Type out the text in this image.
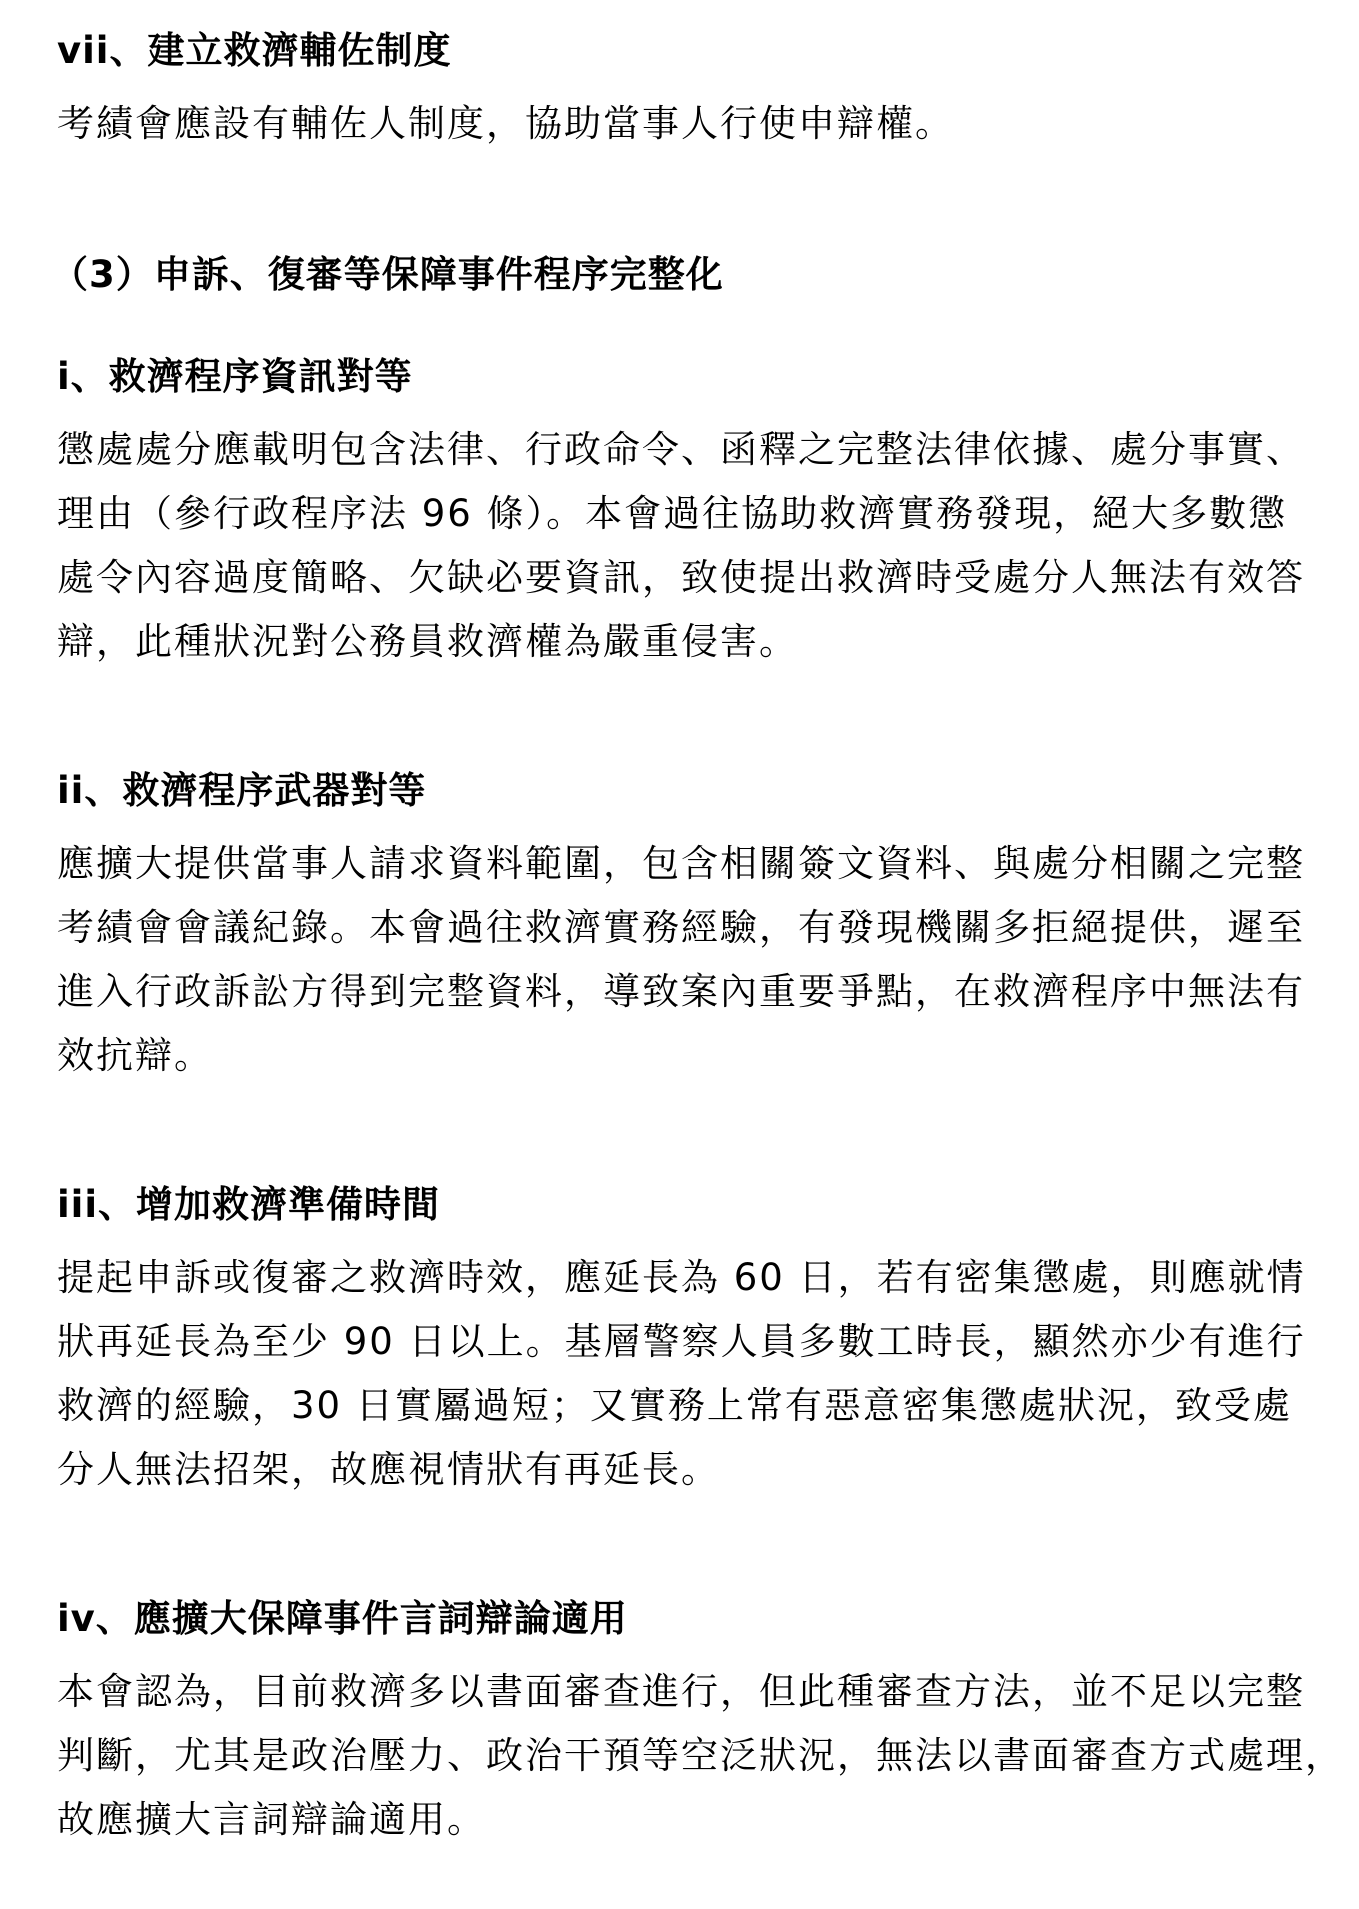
vii、建立救濟輔佐制度
考績會應設有輔佐人制度，協助當事人行使申辯權。
（3）申訴、復審等保障事件程序完整化
i、救濟程序資訊對等
懲處處分應載明包含法律、行政命令、函釋之完整法律依據、處分事實、
理由（參行政程序法 96 條）。本會過往協助救濟實務發現，絕大多數懲
處令內容過度簡略、欠缺必要資訊，致使提出救濟時受處分人無法有效答
辯，此種狀況對公務員救濟權為嚴重侵害。
ii、救濟程序武器對等
應擴大提供當事人請求資料範圍，包含相關簽文資料、與處分相關之完整
考績會會議紀錄。本會過往救濟實務經驗，有發現機關多拒絕提供，遲至
進入行政訴訟方得到完整資料，導致案內重要爭點，在救濟程序中無法有
效抗辯。
iii、增加救濟準備時間
提起申訴或復審之救濟時效，應延長為 60 日，若有密集懲處，則應就情
狀再延長為至少 90 日以上。基層警察人員多數工時長，顯然亦少有進行
救濟的經驗，30 日實屬過短；又實務上常有惡意密集懲處狀況，致受處
分人無法招架，故應視情狀有再延長。
iv、應擴大保障事件言詞辯論適用
本會認為，目前救濟多以書面審查進行，但此種審查方法，並不足以完整
判斷，尤其是政治壓力、政治干預等空泛狀況，無法以書面審查方式處理，
故應擴大言詞辯論適用。
